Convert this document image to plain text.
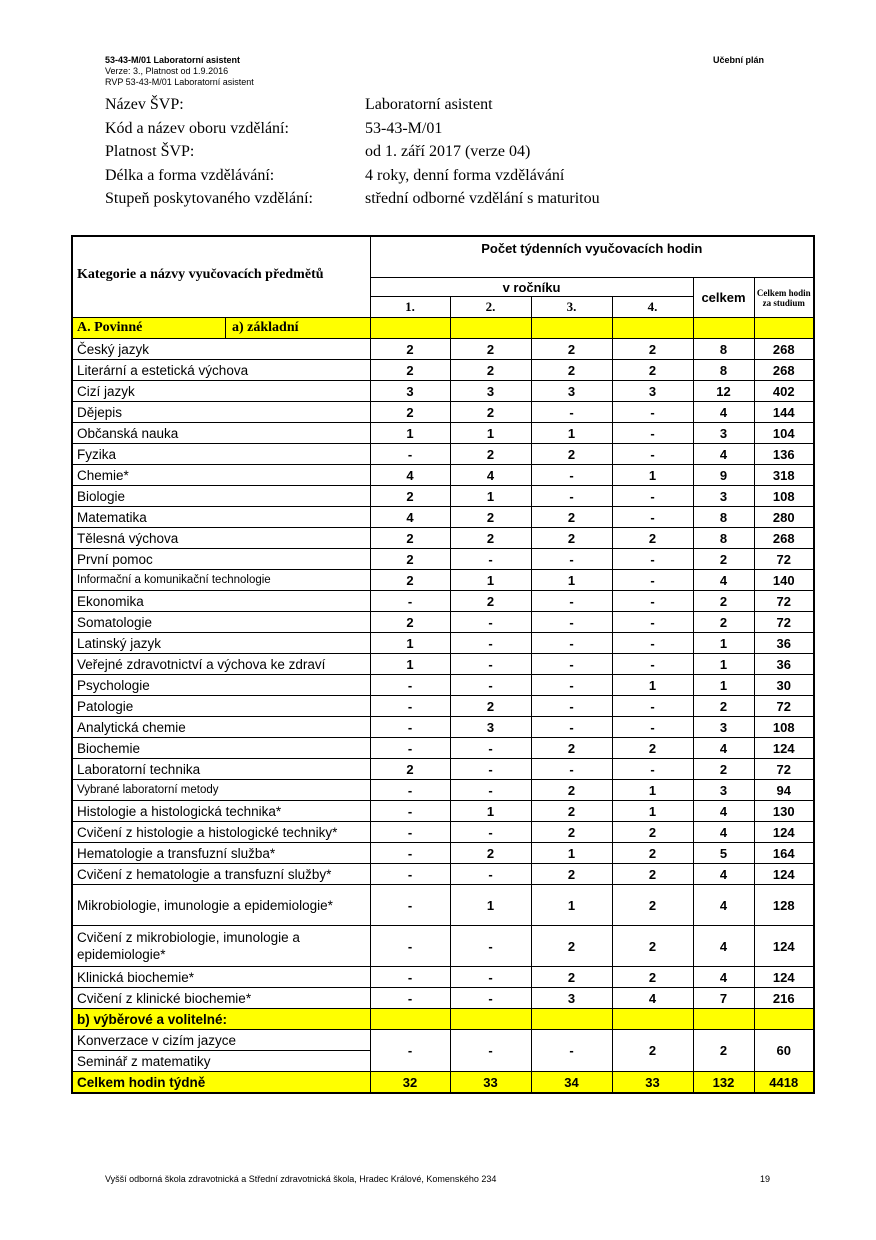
53-43-M/01 Laboratorní asistent
Verze: 3., Platnost od 1.9.2016
RVP 53-43-M/01 Laboratorní asistent
Učební plán
Název ŠVP:	Laboratorní asistent
Kód a název oboru vzdělání:	53-43-M/01
Platnost ŠVP:	od 1. září 2017 (verze 04)
Délka a forma vzdělávání:	4 roky, denní forma vzdělávání
Stupeň poskytovaného vzdělání:	střední odborné vzdělání s maturitou
Kategorie a názvy vyučovacích předmětů	Počet týdenních vyučovacích hodin					
	v ročníku				celkem	Celkem hodin za studium
	1.	2.	3.	4.		
A. Povinné a) základní						

Český jazyk	2	2	2	2	8	268
Literární a estetická výchova	2	2	2	2	8	268
Cizí jazyk	3	3	3	3	12	402
Dějepis	2	2	-	-	4	144
Občanská nauka	1	1	1	-	3	104
Fyzika	-	2	2	-	4	136
Chemie*	4	4	-	1	9	318
Biologie	2	1	-	-	3	108
Matematika	4	2	2	-	8	280
Tělesná výchova	2	2	2	2	8	268
První pomoc	2	-	-	-	2	72
Informační a komunikační technologie	2	1	1	-	4	140
Ekonomika	-	2	-	-	2	72
Somatologie	2	-	-	-	2	72
Latinský jazyk	1	-	-	-	1	36
Veřejné zdravotnictví a výchova ke zdraví	1	-	-	-	1	36
Psychologie	-	-	-	1	1	30
Patologie	-	2	-	-	2	72
Analytická chemie	-	3	-	-	3	108
Biochemie	-	-	2	2	4	124
Laboratorní technika	2	-	-	-	2	72
Vybrané laboratorní metody	-	-	2	1	3	94
Histologie a histologická technika*	-	1	2	1	4	130
Cvičení z histologie a histologické techniky*	-	-	2	2	4	124
Hematologie a transfuzní služba*	-	2	1	2	5	164
Cvičení z hematologie a transfuzní služby*	-	-	2	2	4	124
Mikrobiologie, imunologie a epidemiologie*	-	1	1	2	4	128
Cvičení z mikrobiologie, imunologie a epidemiologie*	-	-	2	2	4	124
Klinická biochemie*	-	-	2	2	4	124
Cvičení z klinické biochemie*	-	-	3	4	7	216
b) výběrové a volitelné:						
Konverzace v cizím jazyce	-	-	-	2	2	60
Seminář z matematiky						
Celkem hodin týdně	32	33	34	33	132	4418
Vyšší odborná škola zdravotnická a Střední zdravotnická škola, Hradec Králové, Komenského 234	19
